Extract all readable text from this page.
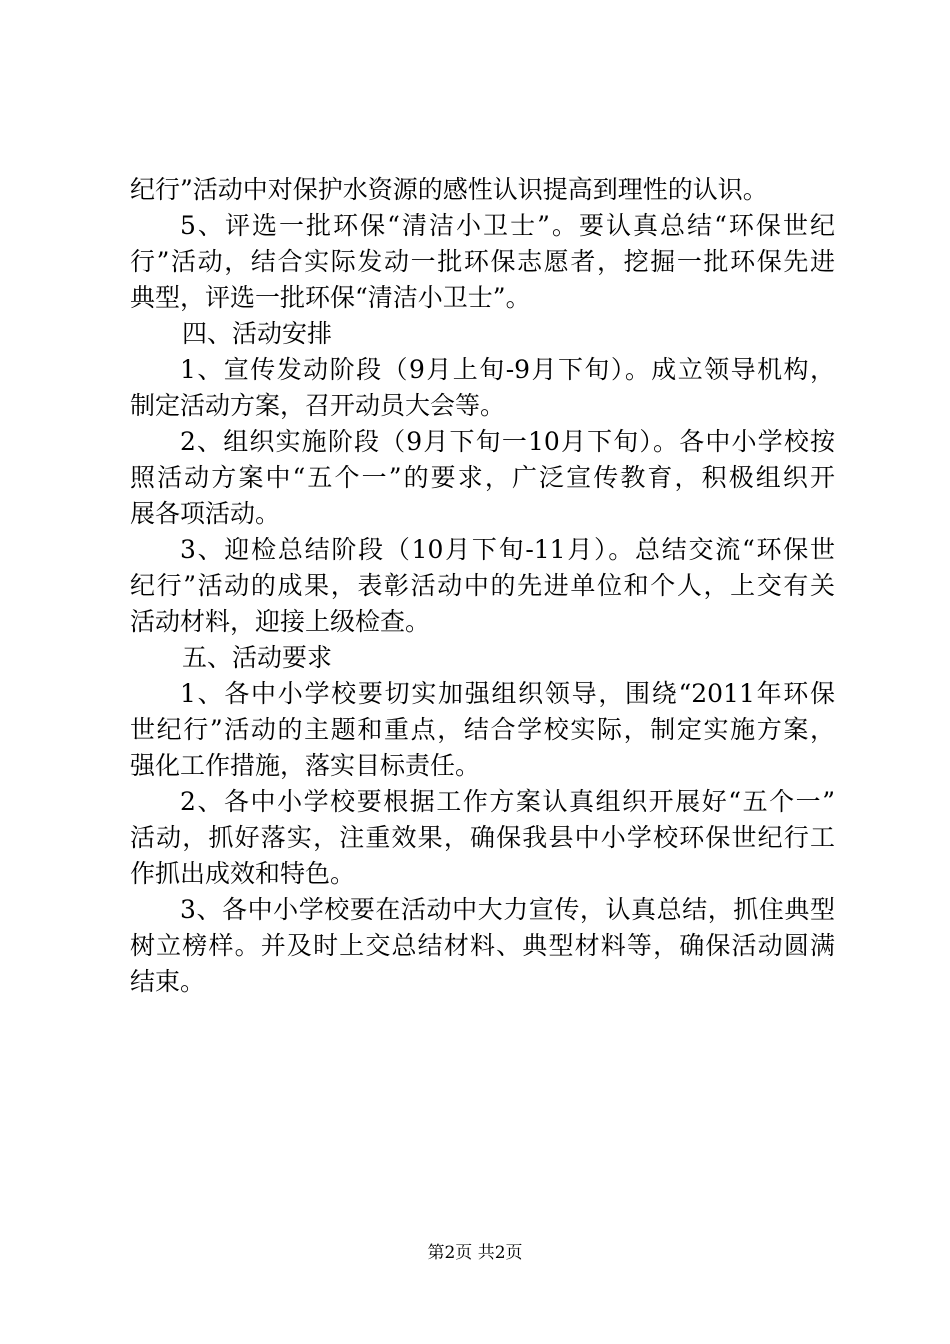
纪行”活动中对保护水资源的感性认识提高到理性的认识。
5、评选一批环保“清洁小卫士”。要认真总结“环保世纪
行”活动，结合实际发动一批环保志愿者，挖掘一批环保先进
典型，评选一批环保“清洁小卫士”。
四、活动安排
1、宣传发动阶段（9月上旬-9月下旬）。成立领导机构，
制定活动方案，召开动员大会等。
2、组织实施阶段（9月下旬一10月下旬）。各中小学校按
照活动方案中“五个一”的要求，广泛宣传教育，积极组织开
展各项活动。
3、迎检总结阶段（10月下旬-11月）。总结交流“环保世
纪行”活动的成果，表彰活动中的先进单位和个人，上交有关
活动材料，迎接上级检查。
五、活动要求
1、各中小学校要切实加强组织领导，围绕“2011年环保
世纪行”活动的主题和重点，结合学校实际，制定实施方案，
强化工作措施，落实目标责任。
2、各中小学校要根据工作方案认真组织开展好“五个一”
活动，抓好落实，注重效果，确保我县中小学校环保世纪行工
作抓出成效和特色。
3、各中小学校要在活动中大力宣传，认真总结，抓住典型
树立榜样。并及时上交总结材料、典型材料等，确保活动圆满
结束。
第2页 共2页
